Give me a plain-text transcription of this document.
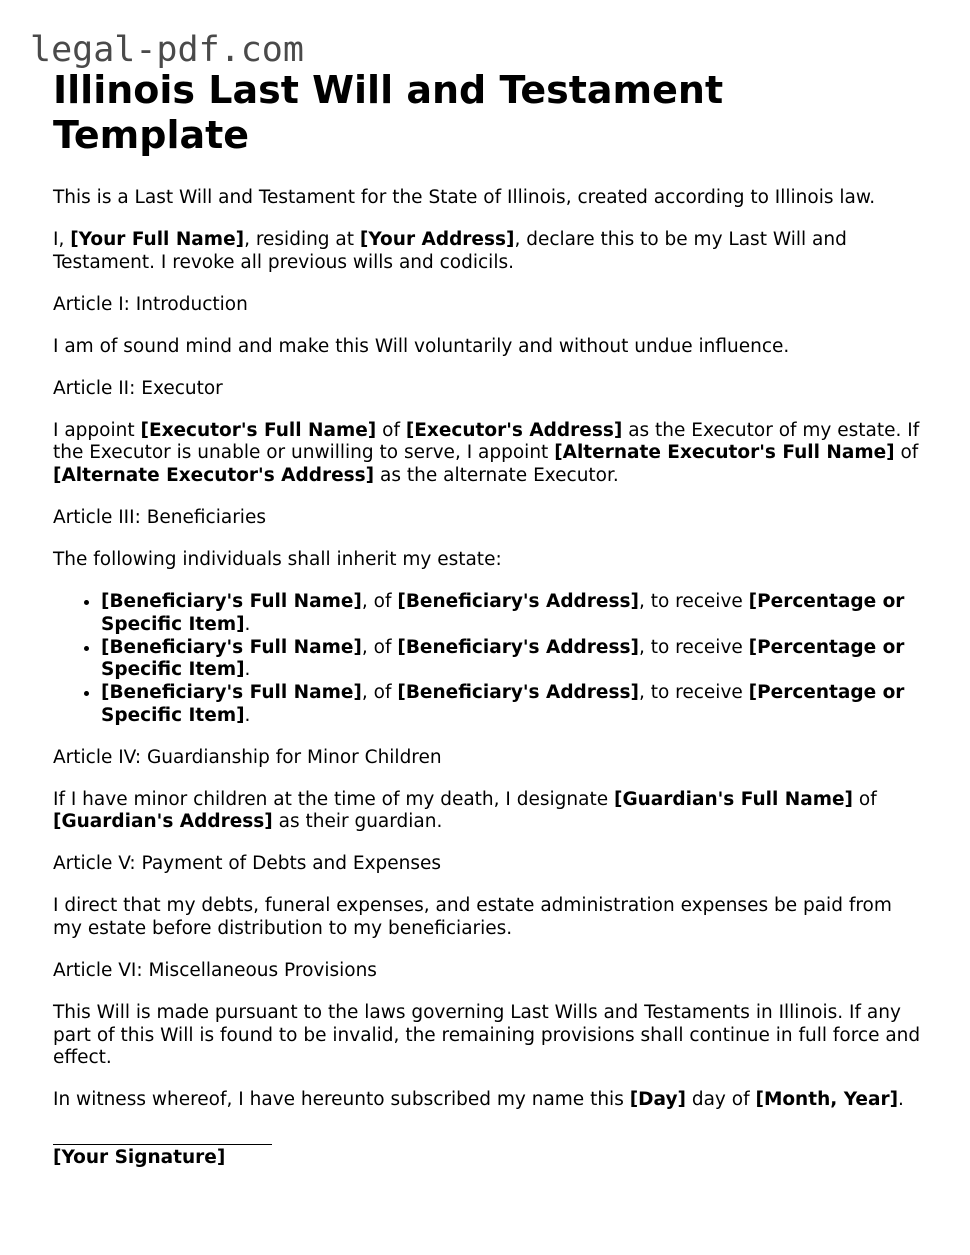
legal-pdf.com
Illinois Last Will and Testament Template

This is a Last Will and Testament for the State of Illinois, created according to Illinois law.

I, [Your Full Name], residing at [Your Address], declare this to be my Last Will and Testament. I revoke all previous wills and codicils.

Article I: Introduction

I am of sound mind and make this Will voluntarily and without undue influence.

Article II: Executor

I appoint [Executor's Full Name] of [Executor's Address] as the Executor of my estate. If the Executor is unable or unwilling to serve, I appoint [Alternate Executor's Full Name] of [Alternate Executor's Address] as the alternate Executor.

Article III: Beneficiaries

The following individuals shall inherit my estate:

• [Beneficiary's Full Name], of [Beneficiary's Address], to receive [Percentage or Specific Item].
• [Beneficiary's Full Name], of [Beneficiary's Address], to receive [Percentage or Specific Item].
• [Beneficiary's Full Name], of [Beneficiary's Address], to receive [Percentage or Specific Item].

Article IV: Guardianship for Minor Children

If I have minor children at the time of my death, I designate [Guardian's Full Name] of [Guardian's Address] as their guardian.

Article V: Payment of Debts and Expenses

I direct that my debts, funeral expenses, and estate administration expenses be paid from my estate before distribution to my beneficiaries.

Article VI: Miscellaneous Provisions

This Will is made pursuant to the laws governing Last Wills and Testaments in Illinois. If any part of this Will is found to be invalid, the remaining provisions shall continue in full force and effect.

In witness whereof, I have hereunto subscribed my name this [Day] day of [Month, Year].

[Your Signature]
